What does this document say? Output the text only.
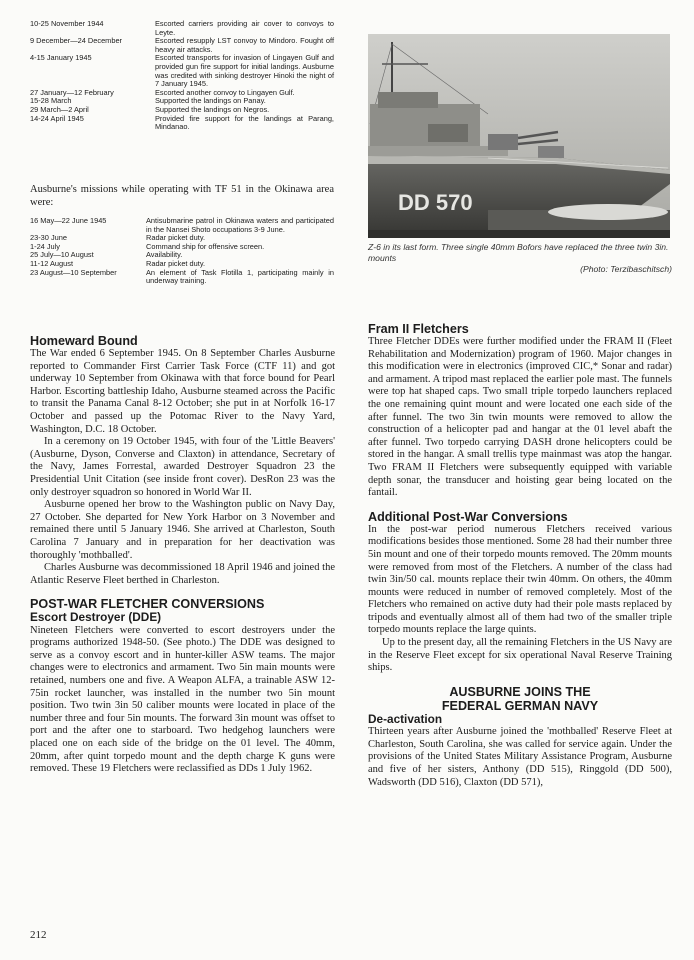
10-25 November 1944	Escorted carriers providing air cover to convoys to Leyte.
9 December—24 December	Escorted resupply LST convoy to Mindoro. Fought off heavy air attacks.
4-15 January 1945	Escorted transports for invasion of Lingayen Gulf and provided gun fire support for initial landings. Ausburne was credited with sinking destroyer Hinoki the night of 7 January 1945.
27 January—12 February	Escorted another convoy to Lingayen Gulf.
15-28 March	Supported the landings on Panay.
29 March—2 April	Supported the landings on Negros.
14-24 April 1945	Provided fire support for the landings at Parang, Mindanao.
Ausburne's missions while operating with TF 51 in the Okinawa area were:
16 May—22 June 1945	Antisubmarine patrol in Okinawa waters and participated in the Nansei Shoto occupations 3-9 June.
23-30 June	Radar picket duty.
1-24 July	Command ship for offensive screen.
25 July—10 August	Availability.
11-12 August	Radar picket duty.
23 August—10 September	An element of Task Flotilla 1, participating mainly in underway training.
DD 570
Z-6 in its last form. Three single 40mm Bofors have replaced the three twin 3in. mounts
(Photo: Terzibaschitsch)
Homeward Bound

The War ended 6 September 1945. On 8 September Charles Ausburne reported to Commander First Carrier Task Force (CTF 11) and got underway 10 September from Okinawa with that force bound for Pearl Harbor. Escorting battleship Idaho, Ausburne steamed across the Pacific to transit the Panama Canal 8-12 October; she put in at Norfolk 16-17 October and passed up the Potomac River to the Navy Yard, Washington, D.C. 18 October.

In a ceremony on 19 October 1945, with four of the 'Little Beavers' (Ausburne, Dyson, Converse and Claxton) in attendance, Secretary of the Navy, James Forrestal, awarded Destroyer Squadron 23 the Presidential Unit Citation (see inside front cover). DesRon 23 was the only destroyer squadron so honored in World War II.

Ausburne opened her brow to the Washington public on Navy Day, 27 October. She departed for New York Harbor on 3 November and remained there until 5 January 1946. She arrived at Charleston, South Carolina 7 January and in preparation for her deactivation was thoroughly 'mothballed'.

Charles Ausburne was decommissioned 18 April 1946 and joined the Atlantic Reserve Fleet berthed in Charleston.

POST-WAR FLETCHER CONVERSIONS
Escort Destroyer (DDE)

Nineteen Fletchers were converted to escort destroyers under the programs authorized 1948-50. (See photo.) The DDE was designed to serve as a convoy escort and in hunter-killer ASW teams. The major changes were to electronics and armament. Two 5in main mounts were retained, numbers one and five. A Weapon ALFA, a trainable ASW 12-75in rocket launcher, was installed in the number two 5in mount position. Two twin 3in 50 caliber mounts were located in place of the number three and four 5in mounts. The forward 3in mount was offset to port and the after one to starboard. Two hedgehog launchers were placed one on each side of the bridge on the 01 level. The 40mm, 20mm, after quint torpedo mount and the depth charge K guns were removed. These 19 Fletchers were reclassified as DDs 1 July 1962.

Fram II Fletchers

Three Fletcher DDEs were further modified under the FRAM II (Fleet Rehabilitation and Modernization) program of 1960. Major changes in this modification were in electronics (improved CIC,* Sonar and radar) and armament. A tripod mast replaced the earlier pole mast. The funnels were top hat shaped caps. Two small triple torpedo launchers replaced the one remaining quint mount and were located one each side of the after funnel. The two 3in twin mounts were removed to allow the construction of a helicopter pad and hangar at the 01 level abaft the after funnel. Two torpedo carrying DASH drone helicopters could be stored in the hangar. A small trellis type mainmast was atop the hangar. Two FRAM II Fletchers were subsequently equipped with variable depth sonar, the transducer and hoisting gear being located on the fantail.

Additional Post-War Conversions

In the post-war period numerous Fletchers received various modifications besides those mentioned. Some 28 had their number three 5in mount and one of their torpedo mounts removed. The 20mm mounts were removed from most of the Fletchers. A number of the class had twin 3in/50 cal. mounts replace their twin 40mm. On others, the 40mm mounts were reduced in number of removed completely. Most of the Fletchers who remained on active duty had their pole masts replaced by tripods and eventually almost all of them had two of the smaller triple torpedo mounts replace the large quints.

Up to the present day, all the remaining Fletchers in the US Navy are in the Reserve Fleet except for six operational Naval Reserve Training ships.

AUSBURNE JOINS THE
FEDERAL GERMAN NAVY
De-activation

Thirteen years after Ausburne joined the 'mothballed' Reserve Fleet at Charleston, South Carolina, she was called for service again. Under the provisions of the United States Military Assistance Program, Ausburne and five of her sisters, Anthony (DD 515), Ringgold (DD 500), Wadsworth (DD 516), Claxton (DD 571),

212
